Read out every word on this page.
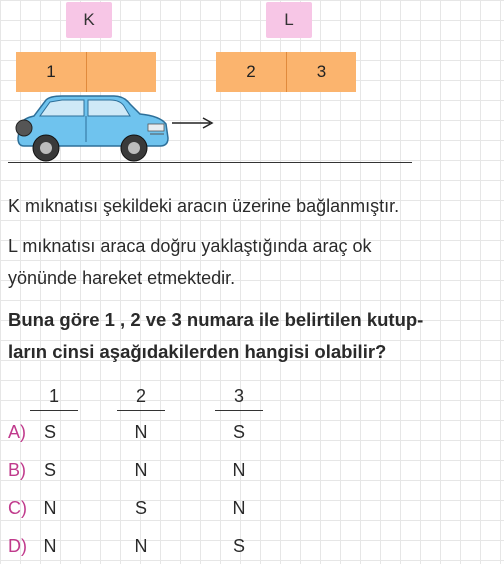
K	L
1	2	3
K mıknatısı şekildeki aracın üzerine bağlanmıştır.
L mıknatısı araca doğru yaklaştığında araç ok
yönünde hareket etmektedir.
Buna göre 1 , 2 ve 3 numara ile belirtilen kutup-
ların cinsi aşağıdakilerden hangisi olabilir?
1	2	3
A) S	N	S
B) S	N	N
C) N	S	N
D) N	N	S
